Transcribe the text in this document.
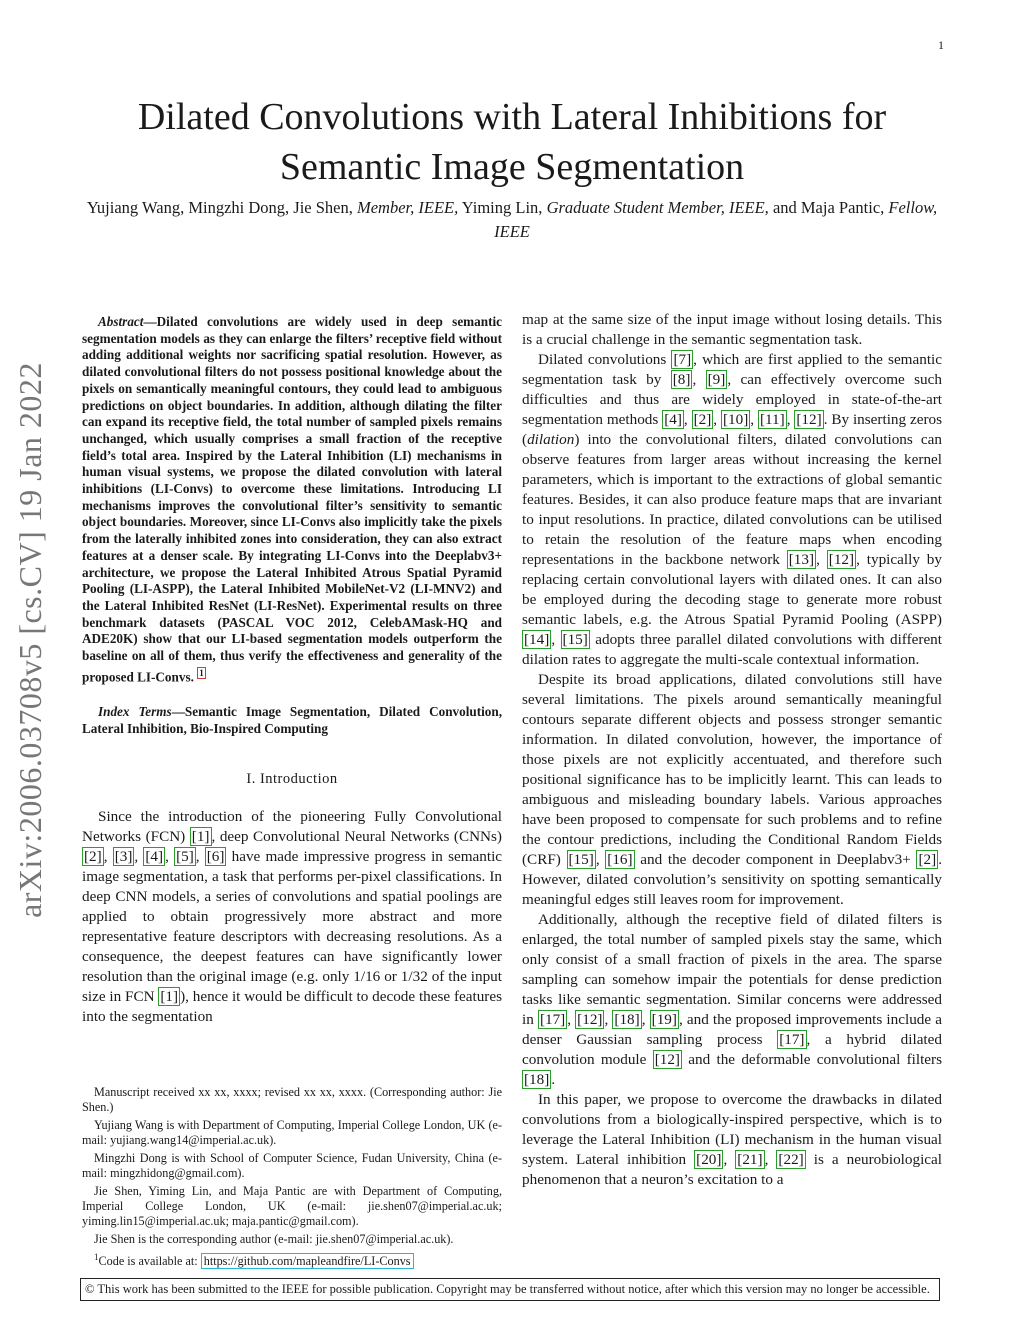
1
arXiv:2006.03708v5 [cs.CV] 19 Jan 2022
Dilated Convolutions with Lateral Inhibitions for
Semantic Image Segmentation
Yujiang Wang, Mingzhi Dong, Jie Shen, Member, IEEE, Yiming Lin, Graduate Student Member, IEEE, and Maja Pantic, Fellow, IEEE

Abstract—Dilated convolutions are widely used in deep semantic segmentation models as they can enlarge the filters’ receptive field without adding additional weights nor sacrificing spatial resolution. However, as dilated convolutional filters do not possess positional knowledge about the pixels on semantically meaningful contours, they could lead to ambiguous predictions on object boundaries. In addition, although dilating the filter can expand its receptive field, the total number of sampled pixels remains unchanged, which usually comprises a small fraction of the receptive field’s total area. Inspired by the Lateral Inhibition (LI) mechanisms in human visual systems, we propose the dilated convolution with lateral inhibitions (LI-Convs) to overcome these limitations. Introducing LI mechanisms improves the convolutional filter’s sensitivity to semantic object boundaries. Moreover, since LI-Convs also implicitly take the pixels from the laterally inhibited zones into consideration, they can also extract features at a denser scale. By integrating LI-Convs into the Deeplabv3+ architecture, we propose the Lateral Inhibited Atrous Spatial Pyramid Pooling (LI-ASPP), the Lateral Inhibited MobileNet-V2 (LI-MNV2) and the Lateral Inhibited ResNet (LI-ResNet). Experimental results on three benchmark datasets (PASCAL VOC 2012, CelebAMask-HQ and ADE20K) show that our LI-based segmentation models outperform the baseline on all of them, thus verify the effectiveness and generality of the proposed LI-Convs. $^1$

Index Terms—Semantic Image Segmentation, Dilated Convolution, Lateral Inhibition, Bio-Inspired Computing

I. Introduction

Since the introduction of the pioneering Fully Convolutional Networks (FCN) [1] , deep Convolutional Neural Networks (CNNs) [2] , [3] , [4] , [5] , [6] have made impressive progress in semantic image segmentation, a task that performs per-pixel classifications. In deep CNN models, a series of convolutions and spatial poolings are applied to obtain progressively more abstract and more representative feature descriptors with decreasing resolutions. As a consequence, the deepest features can have significantly lower resolution than the original image (e.g. only 1/16 or 1/32 of the input size in FCN [1] ), hence it would be difficult to decode these features into the segmentation

Manuscript received xx xx, xxxx; revised xx xx, xxxx. (Corresponding author: Jie Shen.)

Yujiang Wang is with Department of Computing, Imperial College London, UK (e-mail: yujiang.wang14@imperial.ac.uk).

Mingzhi Dong is with School of Computer Science, Fudan University, China (e-mail: mingzhidong@gmail.com).

Jie Shen, Yiming Lin, and Maja Pantic are with Department of Computing, Imperial College London, UK (e-mail: jie.shen07@imperial.ac.uk; yiming.lin15@imperial.ac.uk; maja.pantic@gmail.com).

Jie Shen is the corresponding author (e-mail: jie.shen07@imperial.ac.uk).

$^1$Code is available at: https://github.com/mapleandfire/LI-Convs

map at the same size of the input image without losing details. This is a crucial challenge in the semantic segmentation task.

Dilated convolutions [7] , which are first applied to the semantic segmentation task by [8] , [9] , can effectively overcome such difficulties and thus are widely employed in state-of-the-art segmentation methods [4] , [2] , [10] , [11] , [12] . By inserting zeros (dilation) into the convolutional filters, dilated convolutions can observe features from larger areas without increasing the kernel parameters, which is important to the extractions of global semantic features. Besides, it can also produce feature maps that are invariant to input resolutions. In practice, dilated convolutions can be utilised to retain the resolution of the feature maps when encoding representations in the backbone network [13] , [12] , typically by replacing certain convolutional layers with dilated ones. It can also be employed during the decoding stage to generate more robust semantic labels, e.g. the Atrous Spatial Pyramid Pooling (ASPP) [14] , [15] adopts three parallel dilated convolutions with different dilation rates to aggregate the multi-scale contextual information.

Despite its broad applications, dilated convolutions still have several limitations. The pixels around semantically meaningful contours separate different objects and possess stronger semantic information. In dilated convolution, however, the importance of those pixels are not explicitly accentuated, and therefore such positional significance has to be implicitly learnt. This can leads to ambiguous and misleading boundary labels. Various approaches have been proposed to compensate for such problems and to refine the contour predictions, including the Conditional Random Fields (CRF) [15] , [16] and the decoder component in Deeplabv3+ [2] . However, dilated convolution’s sensitivity on spotting semantically meaningful edges still leaves room for improvement.

Additionally, although the receptive field of dilated filters is enlarged, the total number of sampled pixels stay the same, which only consist of a small fraction of pixels in the area. The sparse sampling can somehow impair the potentials for dense prediction tasks like semantic segmentation. Similar concerns were addressed in [17] , [12] , [18] , [19] , and the proposed improvements include a denser Gaussian sampling process [17] , a hybrid dilated convolution module [12] and the deformable convolutional filters [18] .

In this paper, we propose to overcome the drawbacks in dilated convolutions from a biologically-inspired perspective, which is to leverage the Lateral Inhibition (LI) mechanism in the human visual system. Lateral inhibition [20] , [21] , [22] is a neurobiological phenomenon that a neuron’s excitation to a

© This work has been submitted to the IEEE for possible publication. Copyright may be transferred without notice, after which this version may no longer be accessible.
